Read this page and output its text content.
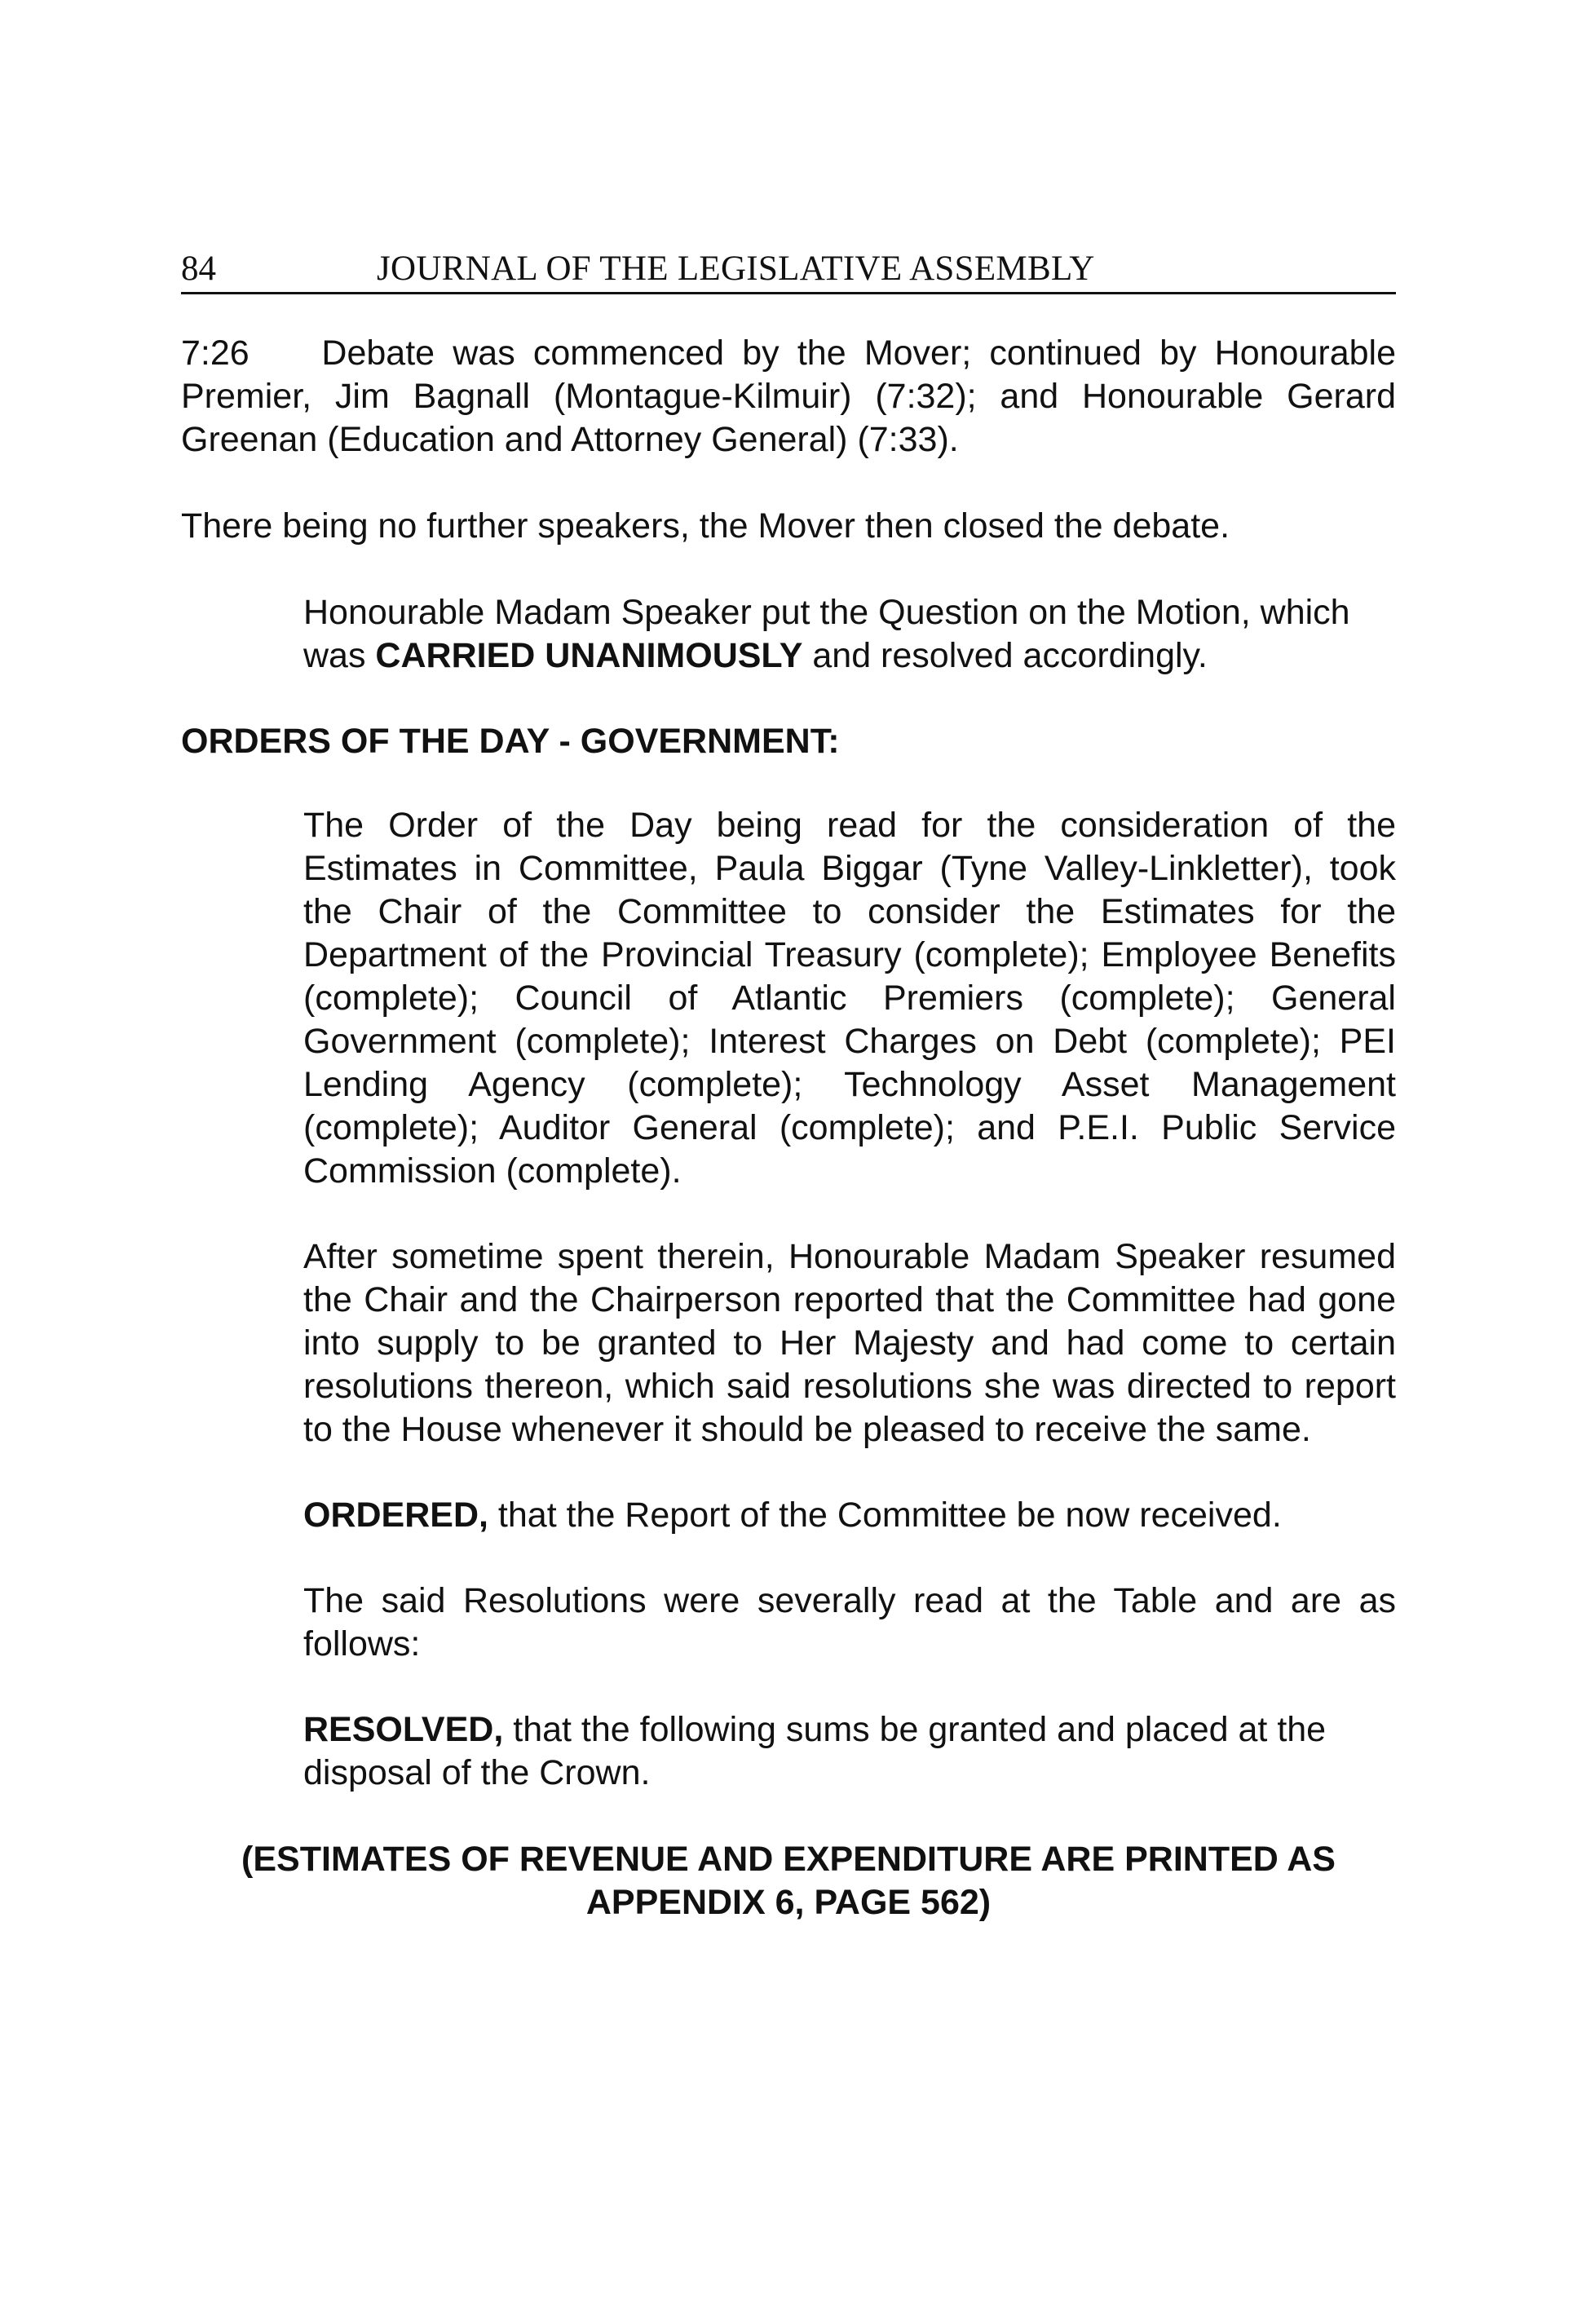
84	JOURNAL OF THE LEGISLATIVE ASSEMBLY

7:26    Debate was commenced by the Mover; continued by Honourable Premier, Jim Bagnall (Montague-Kilmuir) (7:32); and Honourable Gerard Greenan (Education and Attorney General) (7:33).

There being no further speakers, the Mover then closed the debate.

Honourable Madam Speaker put the Question on the Motion, which was CARRIED UNANIMOUSLY and resolved accordingly.

ORDERS OF THE DAY - GOVERNMENT:

The Order of the Day being read for the consideration of the Estimates in Committee, Paula Biggar (Tyne Valley-Linkletter), took the Chair of the Committee to consider the Estimates for the Department of the Provincial Treasury (complete); Employee Benefits (complete); Council of Atlantic Premiers (complete); General Government (complete); Interest Charges on Debt (complete); PEI Lending Agency (complete); Technology Asset Management (complete); Auditor General (complete); and P.E.I. Public Service Commission (complete).

After sometime spent therein, Honourable Madam Speaker resumed the Chair and the Chairperson reported that the Committee had gone into supply to be granted to Her Majesty and had come to certain resolutions thereon, which said resolutions she was directed to report to the House whenever it should be pleased to receive the same.

ORDERED, that the Report of the Committee be now received.

The said Resolutions were severally read at the Table and are as follows:

RESOLVED, that the following sums be granted and placed at the disposal of the Crown.

(ESTIMATES OF REVENUE AND EXPENDITURE ARE PRINTED AS
APPENDIX 6, PAGE 562)
